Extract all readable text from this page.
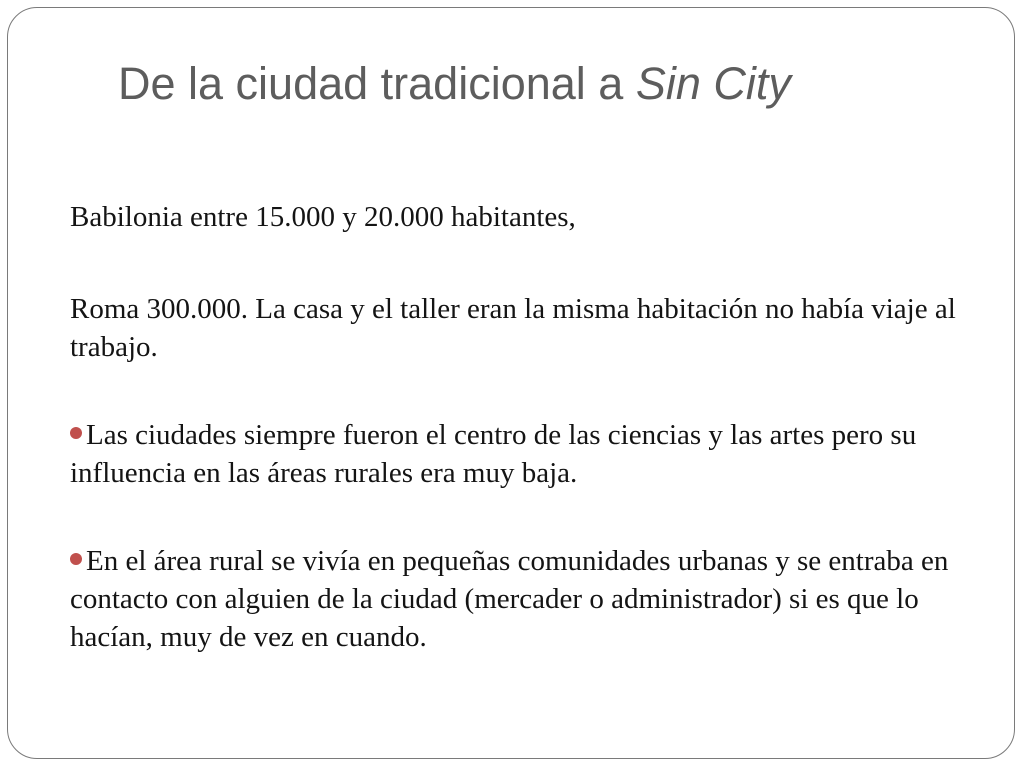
De la ciudad tradicional a Sin City

Babilonia entre 15.000 y 20.000 habitantes,

Roma 300.000. La casa y el taller eran la misma habitación no había viaje al trabajo.

Las ciudades siempre fueron el centro de las ciencias y las artes pero su influencia en las áreas rurales era muy baja.

En el área rural se vivía en pequeñas comunidades urbanas y se entraba en contacto con alguien de la ciudad (mercader o administrador) si es que lo hacían, muy de vez en cuando.
